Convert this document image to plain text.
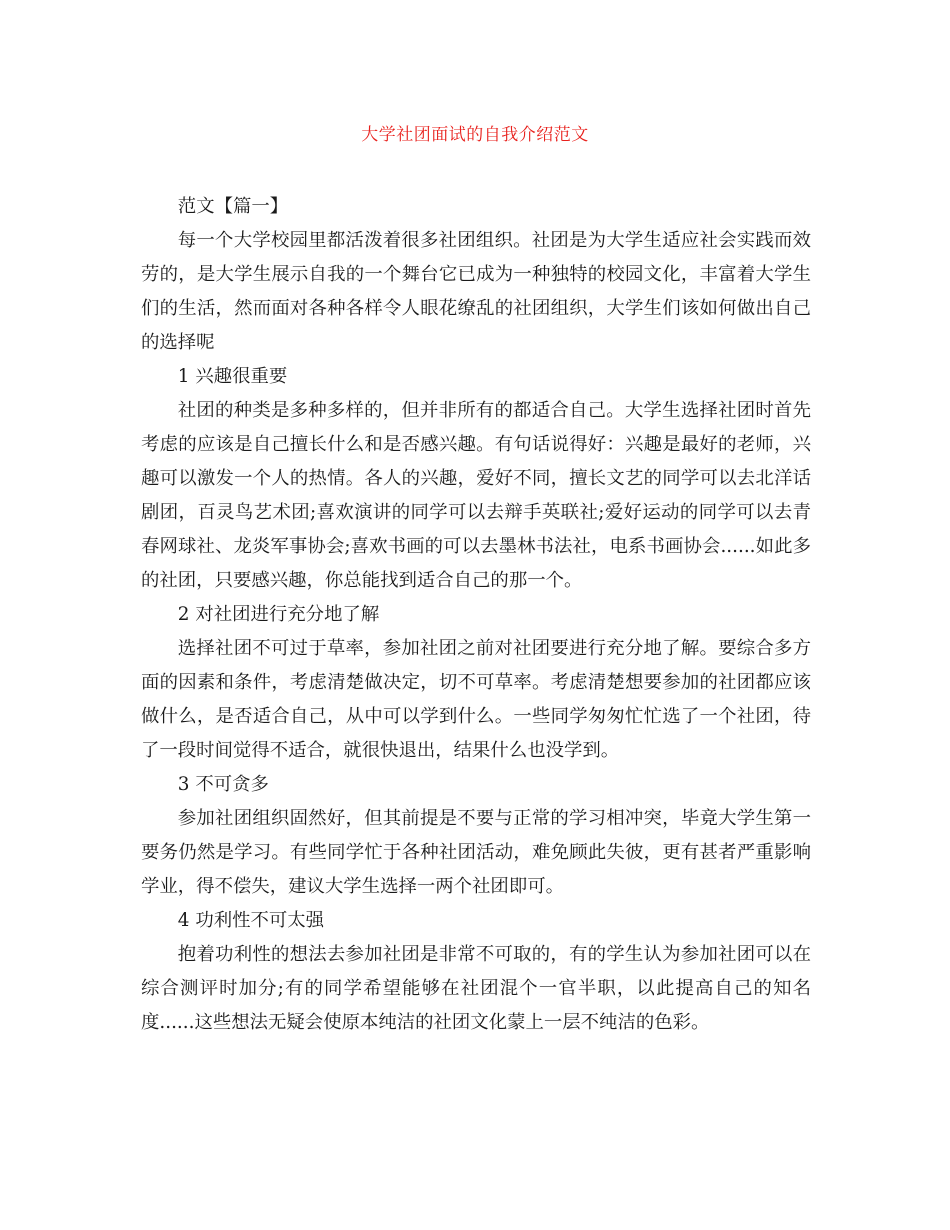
大学社团面试的自我介绍范文

范文【篇一】

每一个大学校园里都活泼着很多社团组织。社团是为大学生适应社会实践而效劳的，是大学生展示自我的一个舞台它已成为一种独特的校园文化，丰富着大学生们的生活，然而面对各种各样令人眼花缭乱的社团组织，大学生们该如何做出自己的选择呢

1 兴趣很重要

社团的种类是多种多样的，但并非所有的都适合自己。大学生选择社团时首先考虑的应该是自己擅长什么和是否感兴趣。有句话说得好：兴趣是最好的老师，兴趣可以激发一个人的热情。各人的兴趣，爱好不同，擅长文艺的同学可以去北洋话剧团，百灵鸟艺术团;喜欢演讲的同学可以去辩手英联社;爱好运动的同学可以去青春网球社、龙炎军事协会;喜欢书画的可以去墨林书法社，电系书画协会......如此多的社团，只要感兴趣，你总能找到适合自己的那一个。

2 对社团进行充分地了解

选择社团不可过于草率，参加社团之前对社团要进行充分地了解。要综合多方面的因素和条件，考虑清楚做决定，切不可草率。考虑清楚想要参加的社团都应该做什么，是否适合自己，从中可以学到什么。一些同学匆匆忙忙选了一个社团，待了一段时间觉得不适合，就很快退出，结果什么也没学到。

3 不可贪多

参加社团组织固然好，但其前提是不要与正常的学习相冲突，毕竟大学生第一要务仍然是学习。有些同学忙于各种社团活动，难免顾此失彼，更有甚者严重影响学业，得不偿失，建议大学生选择一两个社团即可。

4 功利性不可太强

抱着功利性的想法去参加社团是非常不可取的，有的学生认为参加社团可以在综合测评时加分;有的同学希望能够在社团混个一官半职，以此提高自己的知名度......这些想法无疑会使原本纯洁的社团文化蒙上一层不纯洁的色彩。
